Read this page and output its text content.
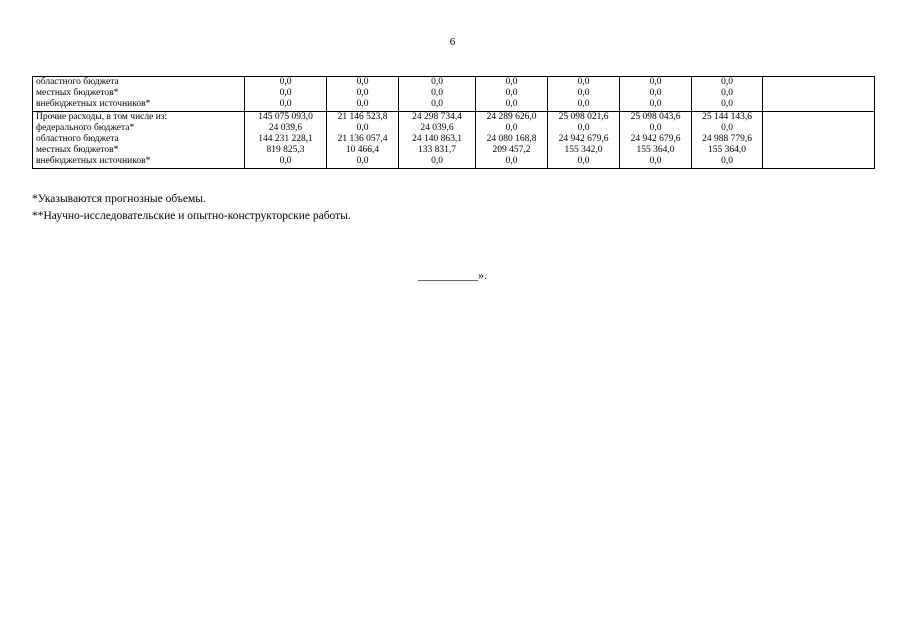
6
областного бюджета	0,0	0,0	0,0	0,0	0,0	0,0	0,0	
местных бюджетов*	0,0	0,0	0,0	0,0	0,0	0,0	0,0	
внебюджетных источников*	0,0	0,0	0,0	0,0	0,0	0,0	0,0	
Прочие расходы, в том числе из:	145 075 093,0	21 146 523,8	24 298 734,4	24 289 626,0	25 098 021,6	25 098 043,6	25 144 143,6	
федерального бюджета*	24 039,6	0,0	24 039,6	0,0	0,0	0,0	0,0	
областного бюджета	144 231 228,1	21 136 057,4	24 140 863,1	24 080 168,8	24 942 679,6	24 942 679,6	24 988 779,6	
местных бюджетов*	819 825,3	10 466,4	133 831,7	209 457,2	155 342,0	155 364,0	155 364,0	
внебюджетных источников*	0,0	0,0	0,0	0,0	0,0	0,0	0,0	
*Указываются прогнозные объемы.
**Научно-исследовательские и опытно-конструкторские работы.
__________».
